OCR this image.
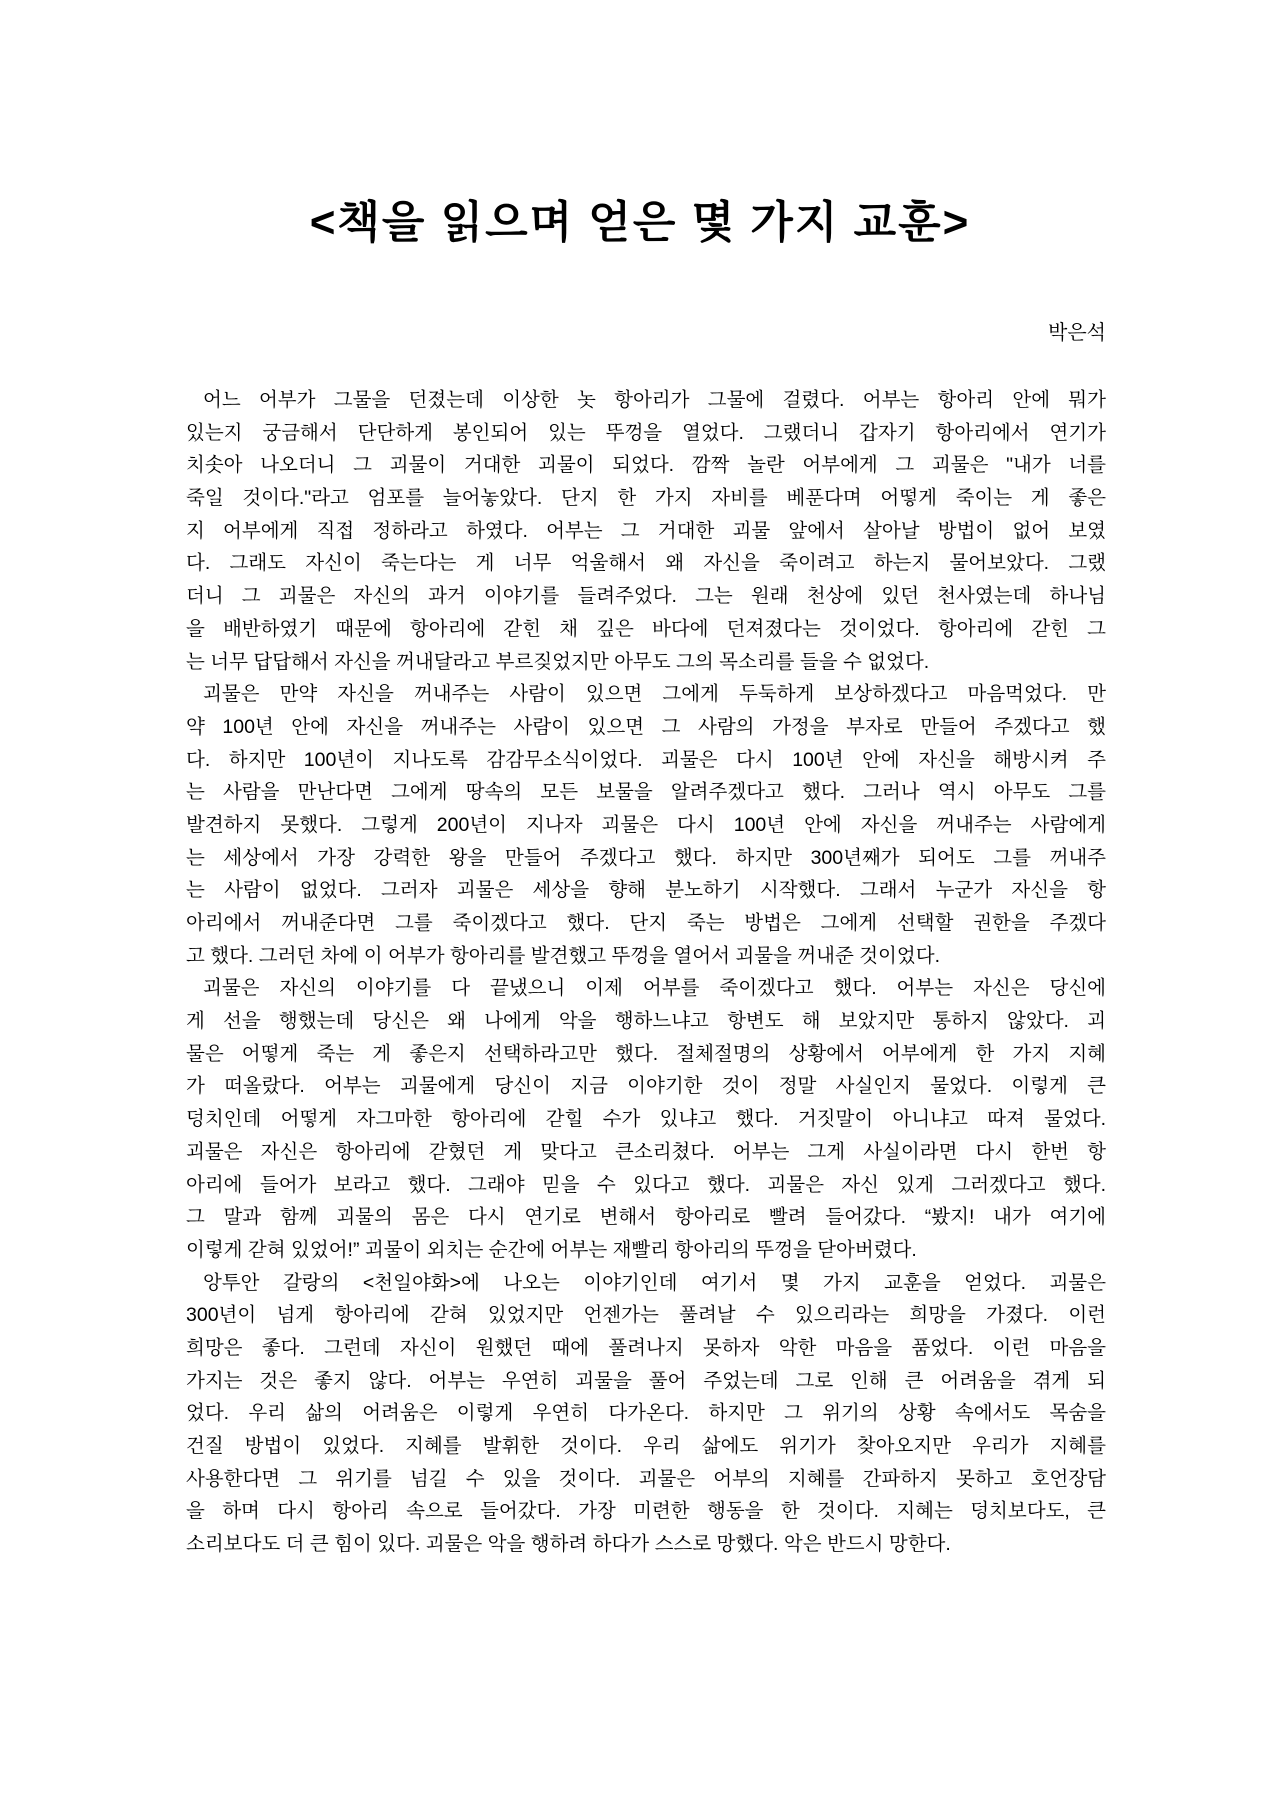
<책을 읽으며 얻은 몇 가지 교훈>
박은석
어느 어부가 그물을 던졌는데 이상한 놋 항아리가 그물에 걸렸다. 어부는 항아리 안에 뭐가
있는지 궁금해서 단단하게 봉인되어 있는 뚜껑을 열었다. 그랬더니 갑자기 항아리에서 연기가
치솟아 나오더니 그 괴물이 거대한 괴물이 되었다. 깜짝 놀란 어부에게 그 괴물은 "내가 너를
죽일 것이다."라고 엄포를 늘어놓았다. 단지 한 가지 자비를 베푼다며 어떻게 죽이는 게 좋은
지 어부에게 직접 정하라고 하였다. 어부는 그 거대한 괴물 앞에서 살아날 방법이 없어 보였
다. 그래도 자신이 죽는다는 게 너무 억울해서 왜 자신을 죽이려고 하는지 물어보았다. 그랬
더니 그 괴물은 자신의 과거 이야기를 들려주었다. 그는 원래 천상에 있던 천사였는데 하나님
을 배반하였기 때문에 항아리에 갇힌 채 깊은 바다에 던져졌다는 것이었다. 항아리에 갇힌 그
는 너무 답답해서 자신을 꺼내달라고 부르짖었지만 아무도 그의 목소리를 들을 수 없었다.
괴물은 만약 자신을 꺼내주는 사람이 있으면 그에게 두둑하게 보상하겠다고 마음먹었다. 만
약 100년 안에 자신을 꺼내주는 사람이 있으면 그 사람의 가정을 부자로 만들어 주겠다고 했
다. 하지만 100년이 지나도록 감감무소식이었다. 괴물은 다시 100년 안에 자신을 해방시켜 주
는 사람을 만난다면 그에게 땅속의 모든 보물을 알려주겠다고 했다. 그러나 역시 아무도 그를
발견하지 못했다. 그렇게 200년이 지나자 괴물은 다시 100년 안에 자신을 꺼내주는 사람에게
는 세상에서 가장 강력한 왕을 만들어 주겠다고 했다. 하지만 300년째가 되어도 그를 꺼내주
는 사람이 없었다. 그러자 괴물은 세상을 향해 분노하기 시작했다. 그래서 누군가 자신을 항
아리에서 꺼내준다면 그를 죽이겠다고 했다. 단지 죽는 방법은 그에게 선택할 권한을 주겠다
고 했다. 그러던 차에 이 어부가 항아리를 발견했고 뚜껑을 열어서 괴물을 꺼내준 것이었다.
괴물은 자신의 이야기를 다 끝냈으니 이제 어부를 죽이겠다고 했다. 어부는 자신은 당신에
게 선을 행했는데 당신은 왜 나에게 악을 행하느냐고 항변도 해 보았지만 통하지 않았다. 괴
물은 어떻게 죽는 게 좋은지 선택하라고만 했다. 절체절명의 상황에서 어부에게 한 가지 지혜
가 떠올랐다. 어부는 괴물에게 당신이 지금 이야기한 것이 정말 사실인지 물었다. 이렇게 큰
덩치인데 어떻게 자그마한 항아리에 갇힐 수가 있냐고 했다. 거짓말이 아니냐고 따져 물었다.
괴물은 자신은 항아리에 갇혔던 게 맞다고 큰소리쳤다. 어부는 그게 사실이라면 다시 한번 항
아리에 들어가 보라고 했다. 그래야 믿을 수 있다고 했다. 괴물은 자신 있게 그러겠다고 했다.
그 말과 함께 괴물의 몸은 다시 연기로 변해서 항아리로 빨려 들어갔다. “봤지! 내가 여기에
이렇게 갇혀 있었어!” 괴물이 외치는 순간에 어부는 재빨리 항아리의 뚜껑을 닫아버렸다.
앙투안 갈랑의 <천일야화>에 나오는 이야기인데 여기서 몇 가지 교훈을 얻었다. 괴물은
300년이 넘게 항아리에 갇혀 있었지만 언젠가는 풀려날 수 있으리라는 희망을 가졌다. 이런
희망은 좋다. 그런데 자신이 원했던 때에 풀려나지 못하자 악한 마음을 품었다. 이런 마음을
가지는 것은 좋지 않다. 어부는 우연히 괴물을 풀어 주었는데 그로 인해 큰 어려움을 겪게 되
었다. 우리 삶의 어려움은 이렇게 우연히 다가온다. 하지만 그 위기의 상황 속에서도 목숨을
건질 방법이 있었다. 지혜를 발휘한 것이다. 우리 삶에도 위기가 찾아오지만 우리가 지혜를
사용한다면 그 위기를 넘길 수 있을 것이다. 괴물은 어부의 지혜를 간파하지 못하고 호언장담
을 하며 다시 항아리 속으로 들어갔다. 가장 미련한 행동을 한 것이다. 지혜는 덩치보다도, 큰
소리보다도 더 큰 힘이 있다. 괴물은 악을 행하려 하다가 스스로 망했다. 악은 반드시 망한다.
